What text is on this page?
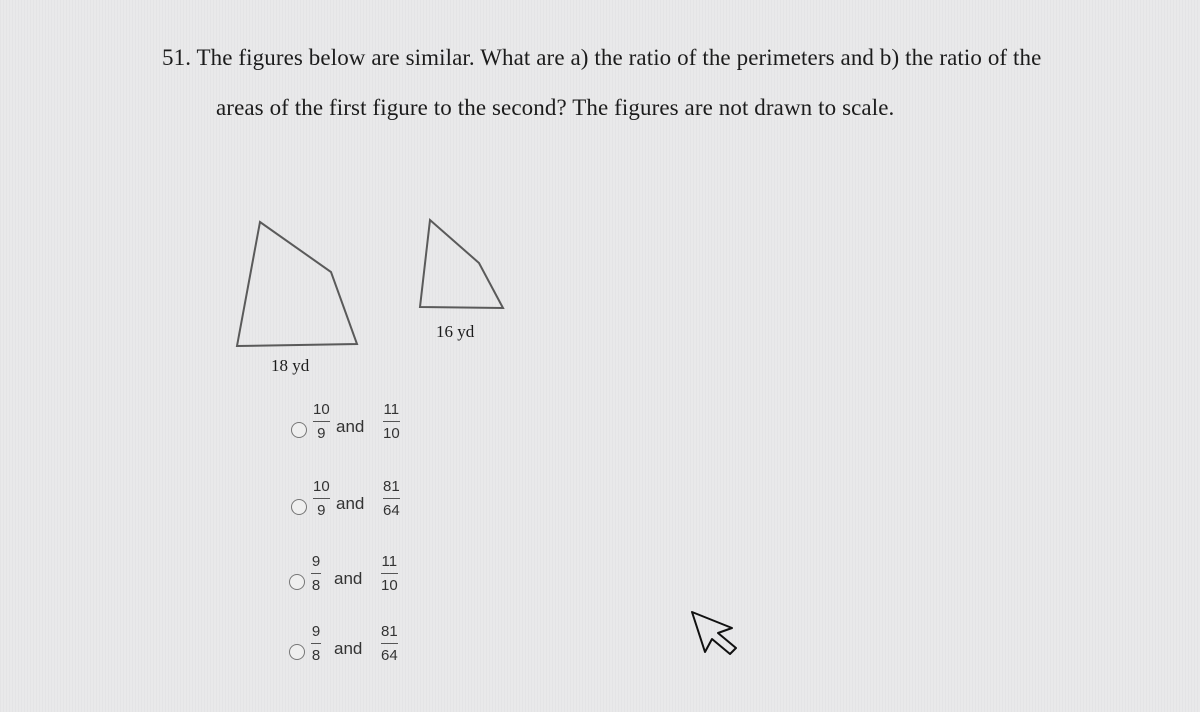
51. The figures below are similar. What are a) the ratio of the perimeters and b) the ratio of the

areas of the first figure to the second? The figures are not drawn to scale.

18 yd
16 yd
10
9 and
11
10
10
9 and
81
64
9
8 and
11
10
9
8 and
81
64
